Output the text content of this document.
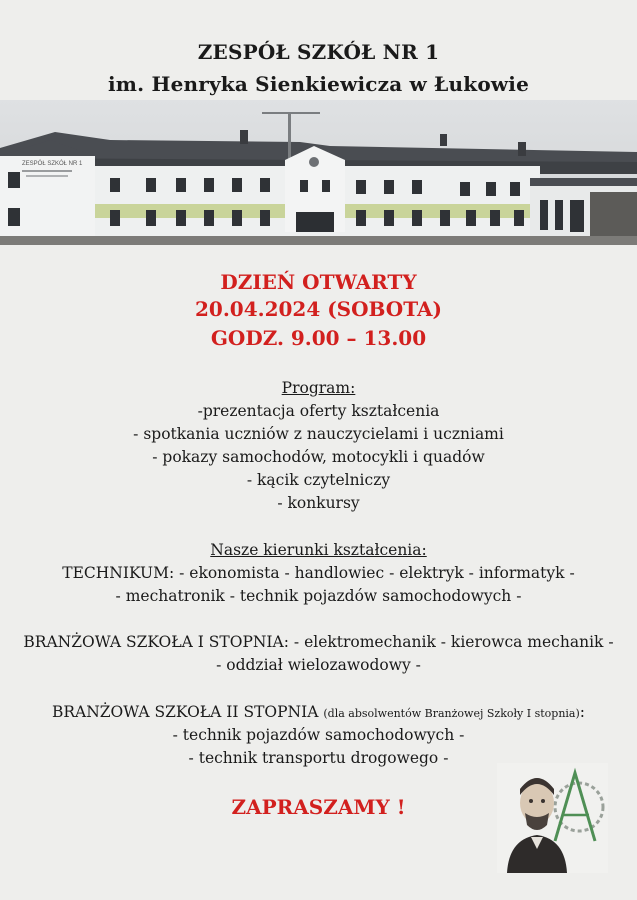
ZESPÓŁ SZKÓŁ NR 1
im. Henryka Sienkiewicza w Łukowie
ZESPÓŁ SZKÓŁ NR 1
DZIEŃ OTWARTY
20.04.2024 (SOBOTA)
GODZ. 9.00 – 13.00
Program:
-prezentacja oferty kształcenia
- spotkania uczniów z nauczycielami i uczniami
- pokazy samochodów, motocykli i quadów
- kącik czytelniczy
- konkursy
Nasze kierunki kształcenia:
TECHNIKUM: - ekonomista - handlowiec - elektryk - informatyk -
- mechatronik - technik pojazdów samochodowych -
BRANŻOWA SZKOŁA I STOPNIA: - elektromechanik - kierowca mechanik -
- oddział wielozawodowy -
BRANŻOWA SZKOŁA II STOPNIA (dla absolwentów Branżowej Szkoły I stopnia):
- technik pojazdów samochodowych -
- technik transportu drogowego -
ZAPRASZAMY !
